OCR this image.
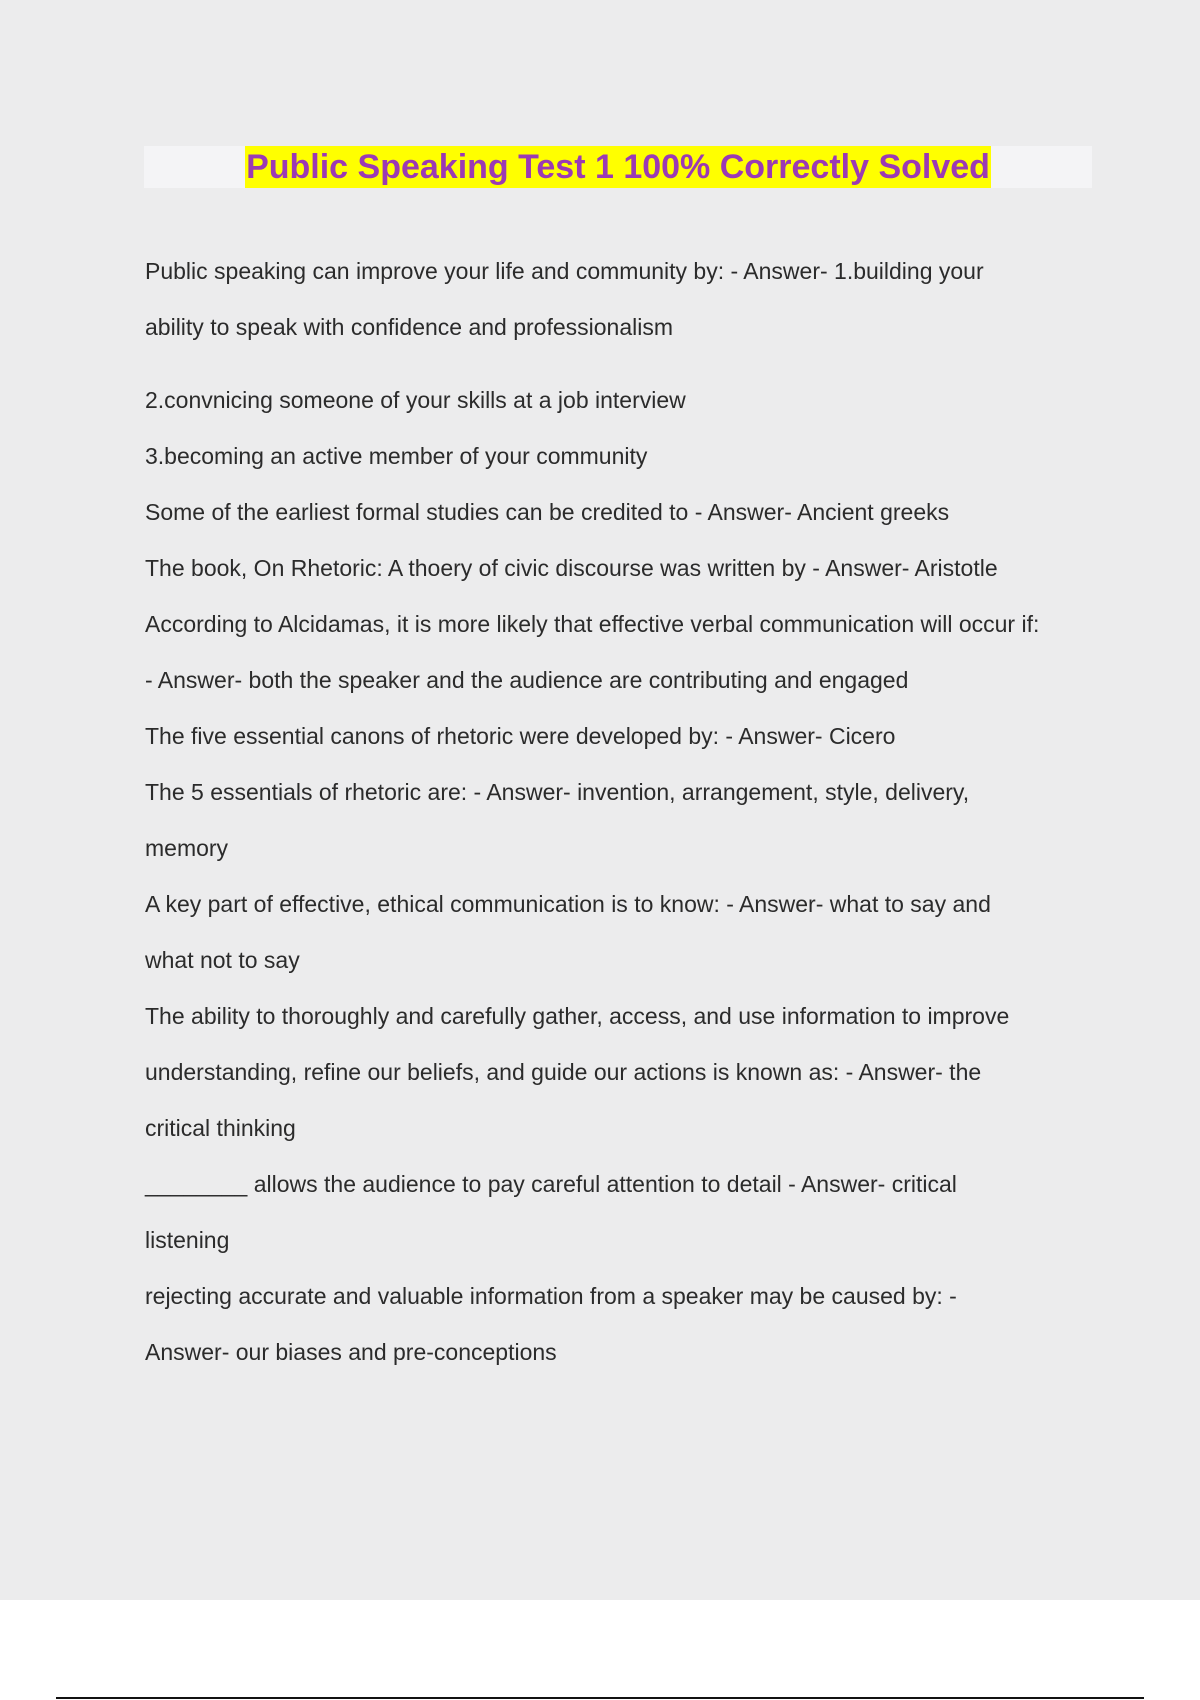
Public Speaking Test 1 100% Correctly Solved
Public speaking can improve your life and community by: - Answer- 1.building your
ability to speak with confidence and professionalism
2.convnicing someone of your skills at a job interview
3.becoming an active member of your community
Some of the earliest formal studies can be credited to - Answer- Ancient greeks
The book, On Rhetoric: A thoery of civic discourse was written by - Answer- Aristotle
According to Alcidamas, it is more likely that effective verbal communication will occur if:
- Answer- both the speaker and the audience are contributing and engaged
The five essential canons of rhetoric were developed by: - Answer- Cicero
The 5 essentials of rhetoric are: - Answer- invention, arrangement, style, delivery,
memory
A key part of effective, ethical communication is to know: - Answer- what to say and
what not to say
The ability to thoroughly and carefully gather, access, and use information to improve
understanding, refine our beliefs, and guide our actions is known as: - Answer- the
critical thinking
________ allows the audience to pay careful attention to detail - Answer- critical
listening
rejecting accurate and valuable information from a speaker may be caused by: -
Answer- our biases and pre-conceptions
